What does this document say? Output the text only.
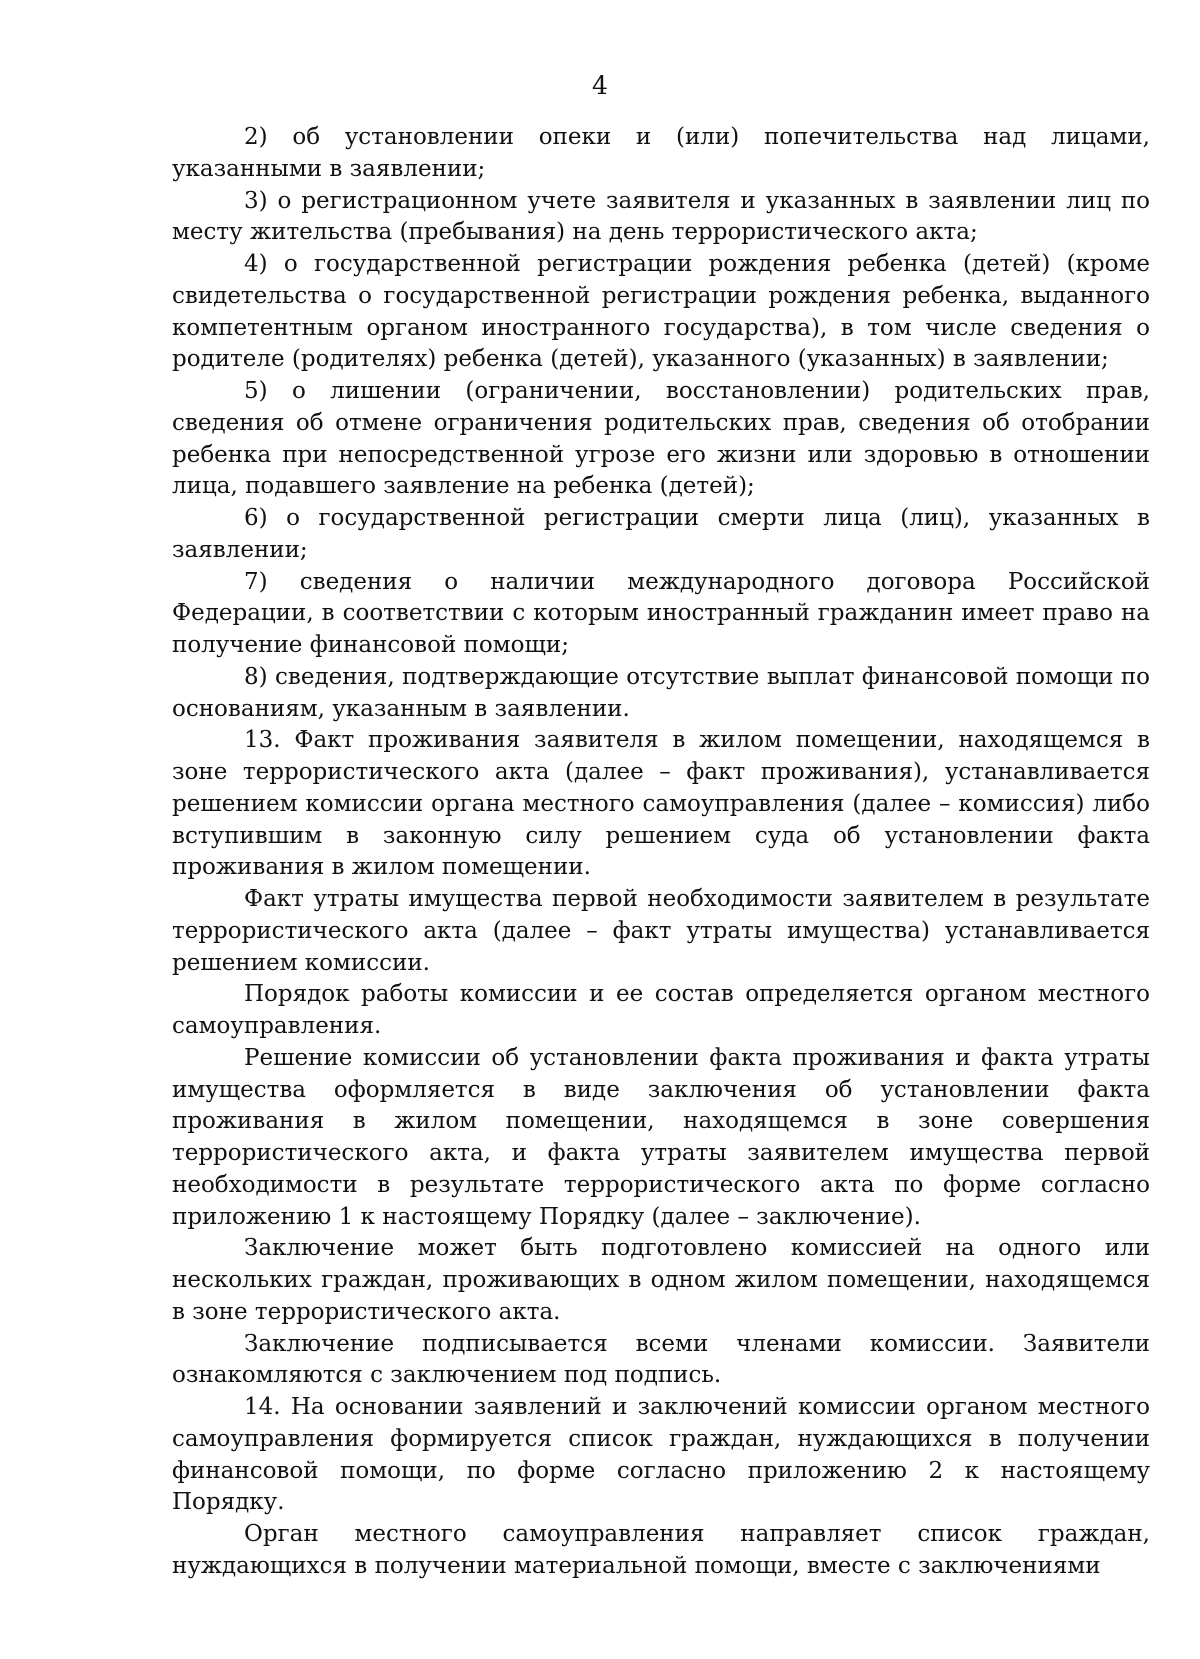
4

2) об установлении опеки и (или) попечительства над лицами, указанными в заявлении;

3) о регистрационном учете заявителя и указанных в заявлении лиц по месту жительства (пребывания) на день террористического акта;

4) о государственной регистрации рождения ребенка (детей) (кроме свидетельства о государственной регистрации рождения ребенка, выданного компетентным органом иностранного государства), в том числе сведения о родителе (родителях) ребенка (детей), указанного (указанных) в заявлении;

5) о лишении (ограничении, восстановлении) родительских прав, сведения об отмене ограничения родительских прав, сведения об отобрании ребенка при непосредственной угрозе его жизни или здоровью в отношении лица, подавшего заявление на ребенка (детей);

6) о государственной регистрации смерти лица (лиц), указанных в заявлении;

7) сведения о наличии международного договора Российской Федерации, в соответствии с которым иностранный гражданин имеет право на получение финансовой помощи;

8) сведения, подтверждающие отсутствие выплат финансовой помощи по основаниям, указанным в заявлении.

13. Факт проживания заявителя в жилом помещении, находящемся в зоне террористического акта (далее – факт проживания), устанавливается решением комиссии органа местного самоуправления (далее – комиссия) либо вступившим в законную силу решением суда об установлении факта проживания в жилом помещении.

Факт утраты имущества первой необходимости заявителем в результате террористического акта (далее – факт утраты имущества) устанавливается решением комиссии.

Порядок работы комиссии и ее состав определяется органом местного самоуправления.

Решение комиссии об установлении факта проживания и факта утраты имущества оформляется в виде заключения об установлении факта проживания в жилом помещении, находящемся в зоне совершения террористического акта, и факта утраты заявителем имущества первой необходимости в результате террористического акта по форме согласно приложению 1 к настоящему Порядку (далее – заключение).

Заключение может быть подготовлено комиссией на одного или нескольких граждан, проживающих в одном жилом помещении, находящемся в зоне террористического акта.

Заключение подписывается всеми членами комиссии. Заявители ознакомляются с заключением под подпись.

14. На основании заявлений и заключений комиссии органом местного самоуправления формируется список граждан, нуждающихся в получении финансовой помощи, по форме согласно приложению 2 к настоящему Порядку.

Орган местного самоуправления направляет список граждан, нуждающихся в получении материальной помощи, вместе с заключениями
